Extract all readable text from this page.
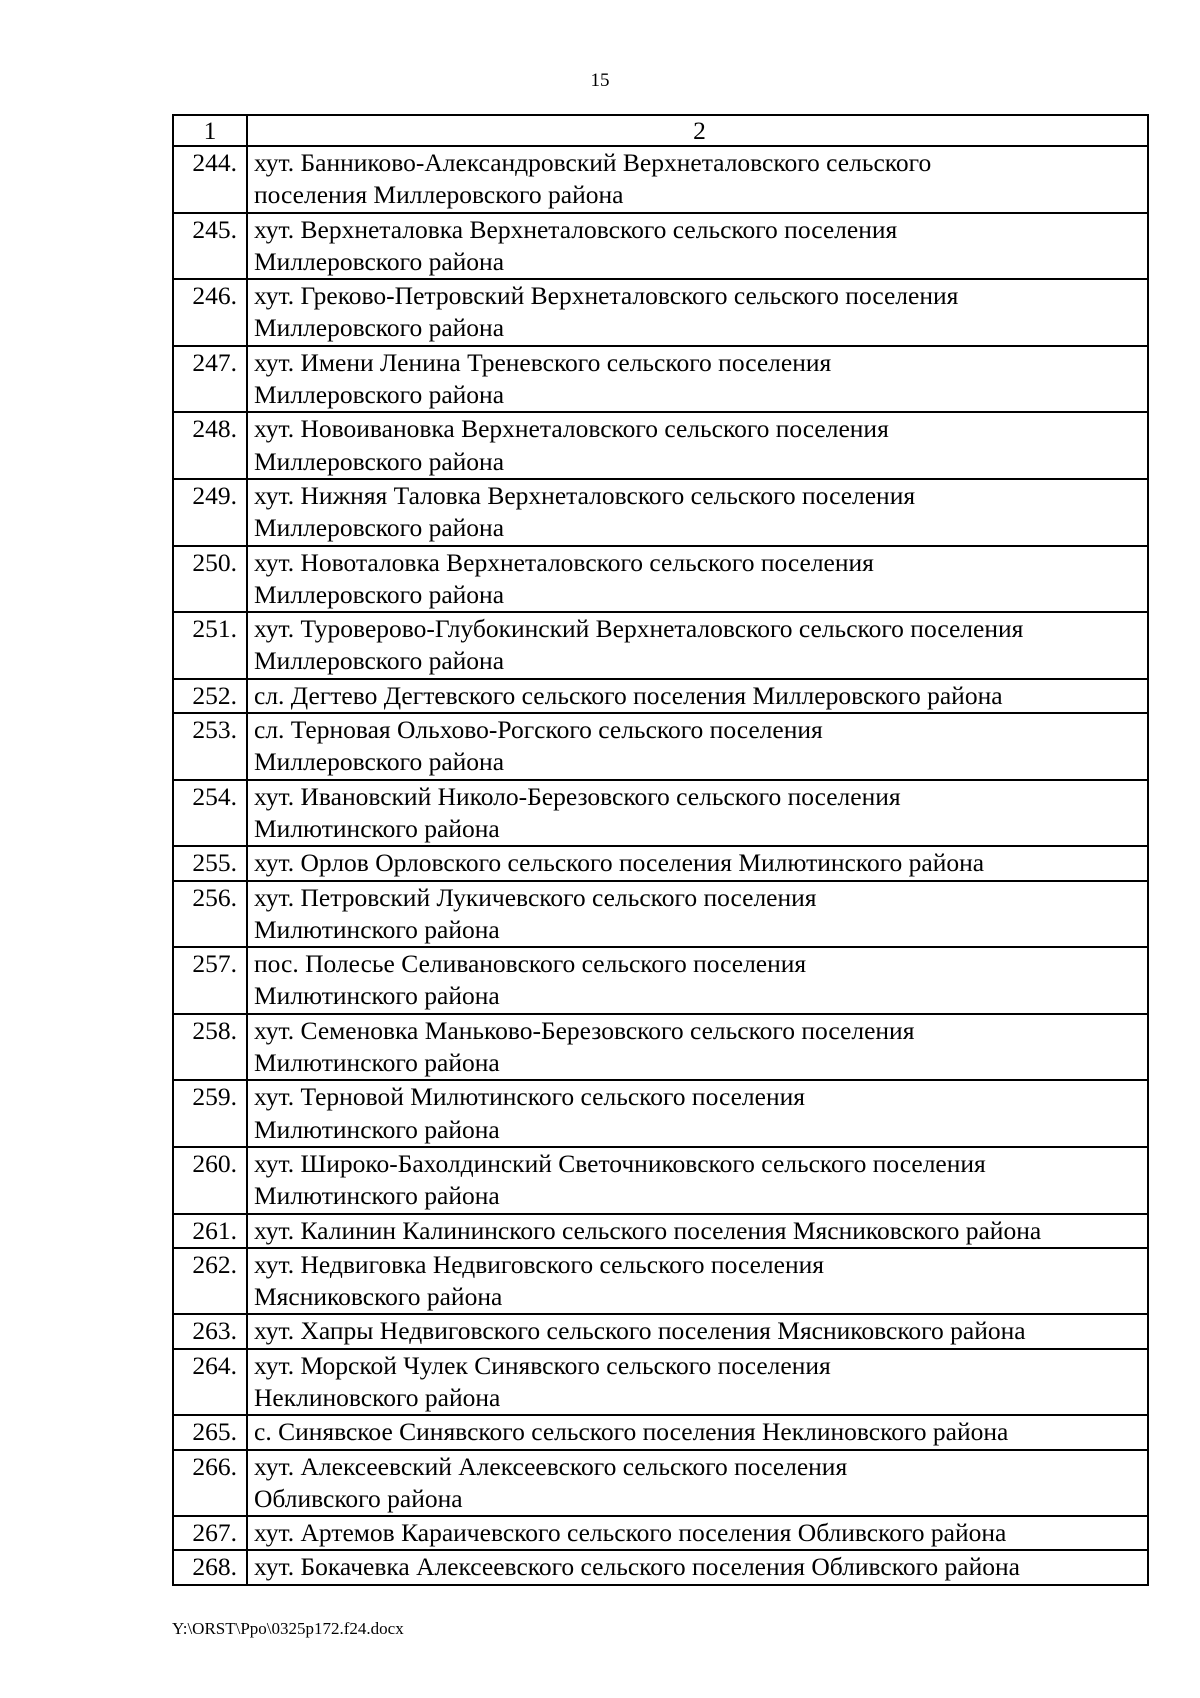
15
1	2
244.	хут. Банниково-Александровский Верхнеталовского сельского
поселения Миллеровского района
245.	хут. Верхнеталовка Верхнеталовского сельского поселения
Миллеровского района
246.	хут. Греково-Петровский Верхнеталовского сельского поселения
Миллеровского района
247.	хут. Имени Ленина Треневского сельского поселения
Миллеровского района
248.	хут. Новоивановка Верхнеталовского сельского поселения
Миллеровского района
249.	хут. Нижняя Таловка Верхнеталовского сельского поселения
Миллеровского района
250.	хут. Новоталовка Верхнеталовского сельского поселения
Миллеровского района
251.	хут. Туроверово-Глубокинский Верхнеталовского сельского поселения
Миллеровского района
252.	сл. Дегтево Дегтевского сельского поселения Миллеровского района
253.	сл. Терновая Ольхово-Рогского сельского поселения
Миллеровского района
254.	хут. Ивановский Николо-Березовского сельского поселения
Милютинского района
255.	хут. Орлов Орловского сельского поселения Милютинского района
256.	хут. Петровский Лукичевского сельского поселения
Милютинского района
257.	пос. Полесье Селивановского сельского поселения
Милютинского района
258.	хут. Семеновка Маньково-Березовского сельского поселения
Милютинского района
259.	хут. Терновой Милютинского сельского поселения
Милютинского района
260.	хут. Широко-Бахолдинский Светочниковского сельского поселения
Милютинского района
261.	хут. Калинин Калининского сельского поселения Мясниковского района
262.	хут. Недвиговка Недвиговского сельского поселения
Мясниковского района
263.	хут. Хапры Недвиговского сельского поселения Мясниковского района
264.	хут. Морской Чулек Синявского сельского поселения
Неклиновского района
265.	с. Синявское Синявского сельского поселения Неклиновского района
266.	хут. Алексеевский Алексеевского сельского поселения
Обливского района
267.	хут. Артемов Караичевского сельского поселения Обливского района
268.	хут. Бокачевка Алексеевского сельского поселения Обливского района
Y:\ORST\Ppo\0325p172.f24.docx
